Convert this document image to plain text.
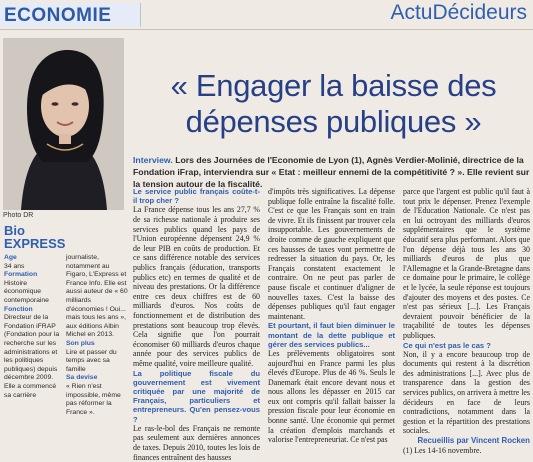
ECONOMIE	ActuDécideurs
Photo DR
« Engager la baisse des dépenses publiques »
Interview. Lors des Journées de l'Economie de Lyon (1), Agnès Verdier-Molinié, directrice de la Fondation iFrap, interviendra sur « Etat : meilleur ennemi de la compétitivité ? ». Elle revient sur la tension autour de la fiscalité.
Bio
EXPRESS
Age
34 ans
Formation
Histoire économique contemporaine
Fonction
Directeur de la Fondation iFRAP (Fondation pour la recherche sur les administrations et les politiques publiques) depuis décembre 2009. Elle a commencé sa carrière
journaliste, notamment au Figaro, L'Express et France Info. Elle est aussi auteur de « 60 milliards d'économies ! Oui... mais tous les ans », aux éditions Albin Michel en 2013.
Son plus
Lire et passer du temps avec sa famille
Sa devise
« Rien n'est impossible, même pas réformer la France ».

Le service public français coûte-t-il trop cher ?

La France dépense tous les ans 27,7 % de sa richesse nationale à produire ses services publics quand les pays de l'Union européenne dépensent 24,9 % de leur PIB en coûts de production. Et ce sans différence notable des services publics français (éducation, transports publics etc) en termes de qualité et de niveau des prestations. Or la différence entre ces deux chiffres est de 60 milliards d'euros. Nos coûts de fonctionnement et de distribution des prestations sont beaucoup trop élevés. Cela signifie que l'on pourrait économiser 60 milliards d'euros chaque année pour des services publics de même qualité, voire meilleure qualité.

La politique fiscale du gouvernement est vivement critiquée par une majorité de Français, particuliers et entrepreneurs. Qu'en pensez-vous ?

Le ras-le-bol des Français ne remonte pas seulement aux dernières annonces de taxes. Depuis 2010, toutes les lois de finances entraînent des hausses

d'impôts très significatives. La dépense publique folle entraîne la fiscalité folle. C'est ce que les Français sont en train de vivre. Et ils finissent par trouver cela insupportable. Les gouvernements de droite comme de gauche expliquent que ces hausses de taxes vont permettre de redresser la situation du pays. Or, les Français constatent exactement le contraire. On ne peut pas parler de pause fiscale et continuer d'aligner de nouvelles taxes. C'est la baisse des dépenses publiques qu'il faut engager maintenant.

Et pourtant, il faut bien diminuer le montant de la dette publique et gérer des services publics...

Les prélèvements obligatoires sont aujourd'hui en France parmi les plus élevés d'Europe. Plus de 46 %. Seuls le Danemark était encore devant nous et nous allons les dépasser en 2015 car eux ont compris qu'il fallait baisser la pression fiscale pour leur économie en bonne santé. Une économie qui permet la création d'emplois marchands et valorise l'entrepreneuriat. Ce n'est pas

parce que l'argent est public qu'il faut à tout prix le dépenser. Prenez l'exemple de l'Education Nationale. Ce n'est pas en lui octroyant des milliards d'euros supplémentaires que le système éducatif sera plus performant. Alors que l'on dépense déjà tous les ans 30 milliards d'euros de plus que l'Allemagne et la Grande-Bretagne dans ce domaine pour le primaire, le collège et le lycée, la seule réponse est toujours d'ajouter des moyens et des postes. Ce n'est pas sérieux [...]. Les Français devraient pouvoir bénéficier de la traçabilité de toutes les dépenses publiques.

Ce qui n'est pas le cas ?

Non, il y a encore beaucoup trop de documents qui restent à la discrétion des administrations [...]. Avec plus de transparence dans la gestion des services publics, on arrivera à mettre les décideurs en face de leurs contradictions, notamment dans la gestion et la répartition des prestations sociales.

Recueillis par Vincent Rocken

(1) Les 14-16 novembre.
